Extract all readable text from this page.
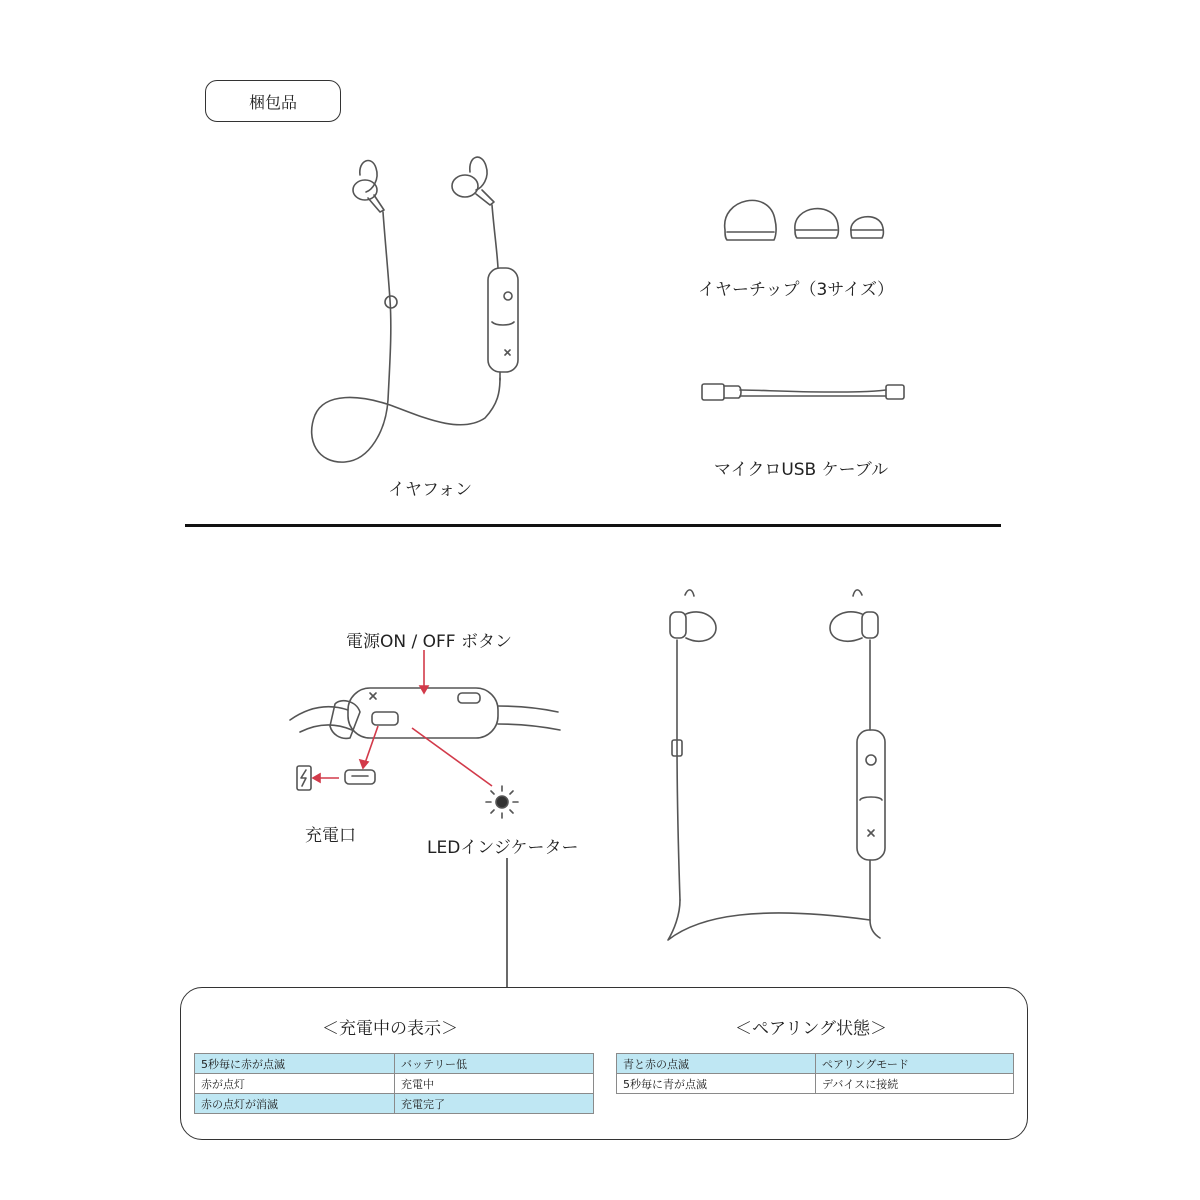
梱包品
イヤフォン
イヤーチップ（3サイズ）
マイクロUSB ケーブル
電源ON / OFF ボタン
充電口
LEDインジケーター
＜充電中の表示＞	＜ペアリング状態＞
5秒毎に赤が点滅	バッテリー低
赤が点灯	充電中
赤の点灯が消滅	充電完了
青と赤の点滅	ペアリングモード
5秒毎に青が点滅	デバイスに接続
